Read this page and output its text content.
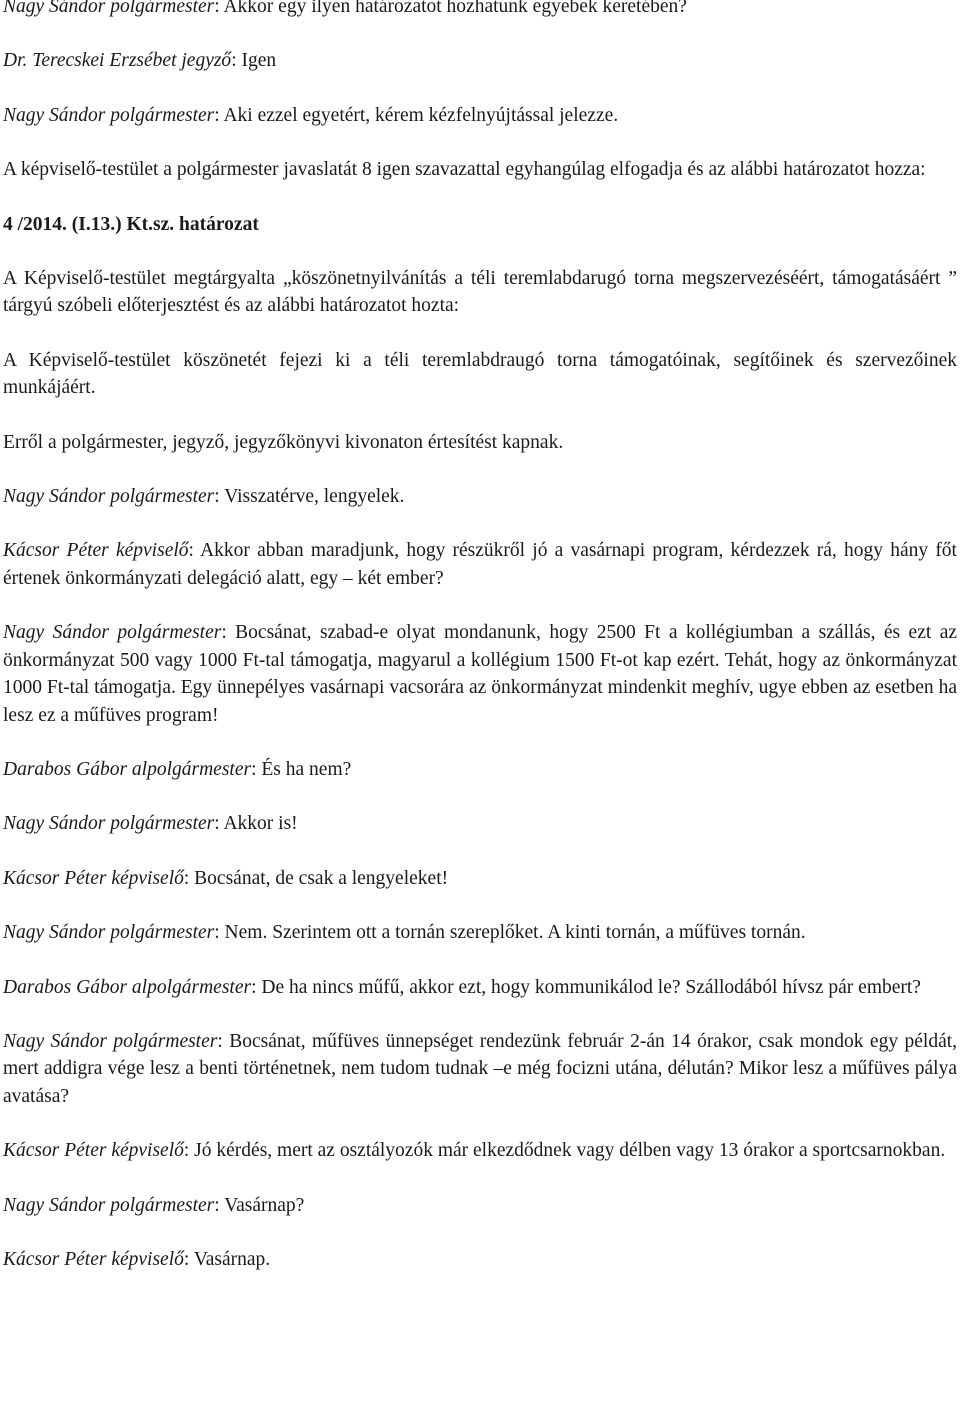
Nagy Sándor polgármester: Akkor egy ilyen határozatot hozhatunk egyebek keretében?

Dr. Terecskei Erzsébet jegyző: Igen

Nagy Sándor polgármester: Aki ezzel egyetért, kérem kézfelnyújtással jelezze.

A képviselő-testület a polgármester javaslatát 8 igen szavazattal egyhangúlag elfogadja és az alábbi határozatot hozza:

4 /2014. (I.13.) Kt.sz. határozat

A Képviselő-testület megtárgyalta „köszönetnyilvánítás a téli teremlabdarugó torna megszervezéséért, támogatásáért ” tárgyú szóbeli előterjesztést és az alábbi határozatot hozta:

A Képviselő-testület köszönetét fejezi ki a téli teremlabdraugó torna támogatóinak, segítőinek és szervezőinek munkájáért.

Erről a polgármester, jegyző, jegyzőkönyvi kivonaton értesítést kapnak.

Nagy Sándor polgármester: Visszatérve, lengyelek.

Kácsor Péter képviselő: Akkor abban maradjunk, hogy részükről jó a vasárnapi program, kérdezzek rá, hogy hány főt értenek önkormányzati delegáció alatt, egy – két ember?

Nagy Sándor polgármester: Bocsánat, szabad-e olyat mondanunk, hogy 2500 Ft a kollégiumban a szállás, és ezt az önkormányzat 500 vagy 1000 Ft-tal támogatja, magyarul a kollégium 1500 Ft-ot kap ezért. Tehát, hogy az önkormányzat 1000 Ft-tal támogatja. Egy ünnepélyes vasárnapi vacsorára az önkormányzat mindenkit meghív, ugye ebben az esetben ha lesz ez a műfüves program!

Darabos Gábor alpolgármester: És ha nem?

Nagy Sándor polgármester: Akkor is!

Kácsor Péter képviselő: Bocsánat, de csak a lengyeleket!

Nagy Sándor polgármester: Nem. Szerintem ott a tornán szereplőket. A kinti tornán, a műfüves tornán.

Darabos Gábor alpolgármester: De ha nincs műfű, akkor ezt, hogy kommunikálod le? Szállodából hívsz pár embert?

Nagy Sándor polgármester: Bocsánat, műfüves ünnepséget rendezünk február 2-án 14 órakor, csak mondok egy példát, mert addigra vége lesz a benti történetnek, nem tudom tudnak –e még focizni utána, délután? Mikor lesz a műfüves pálya avatása?

Kácsor Péter képviselő: Jó kérdés, mert az osztályozók már elkezdődnek vagy délben vagy 13 órakor a sportcsarnokban.

Nagy Sándor polgármester: Vasárnap?

Kácsor Péter képviselő: Vasárnap.
